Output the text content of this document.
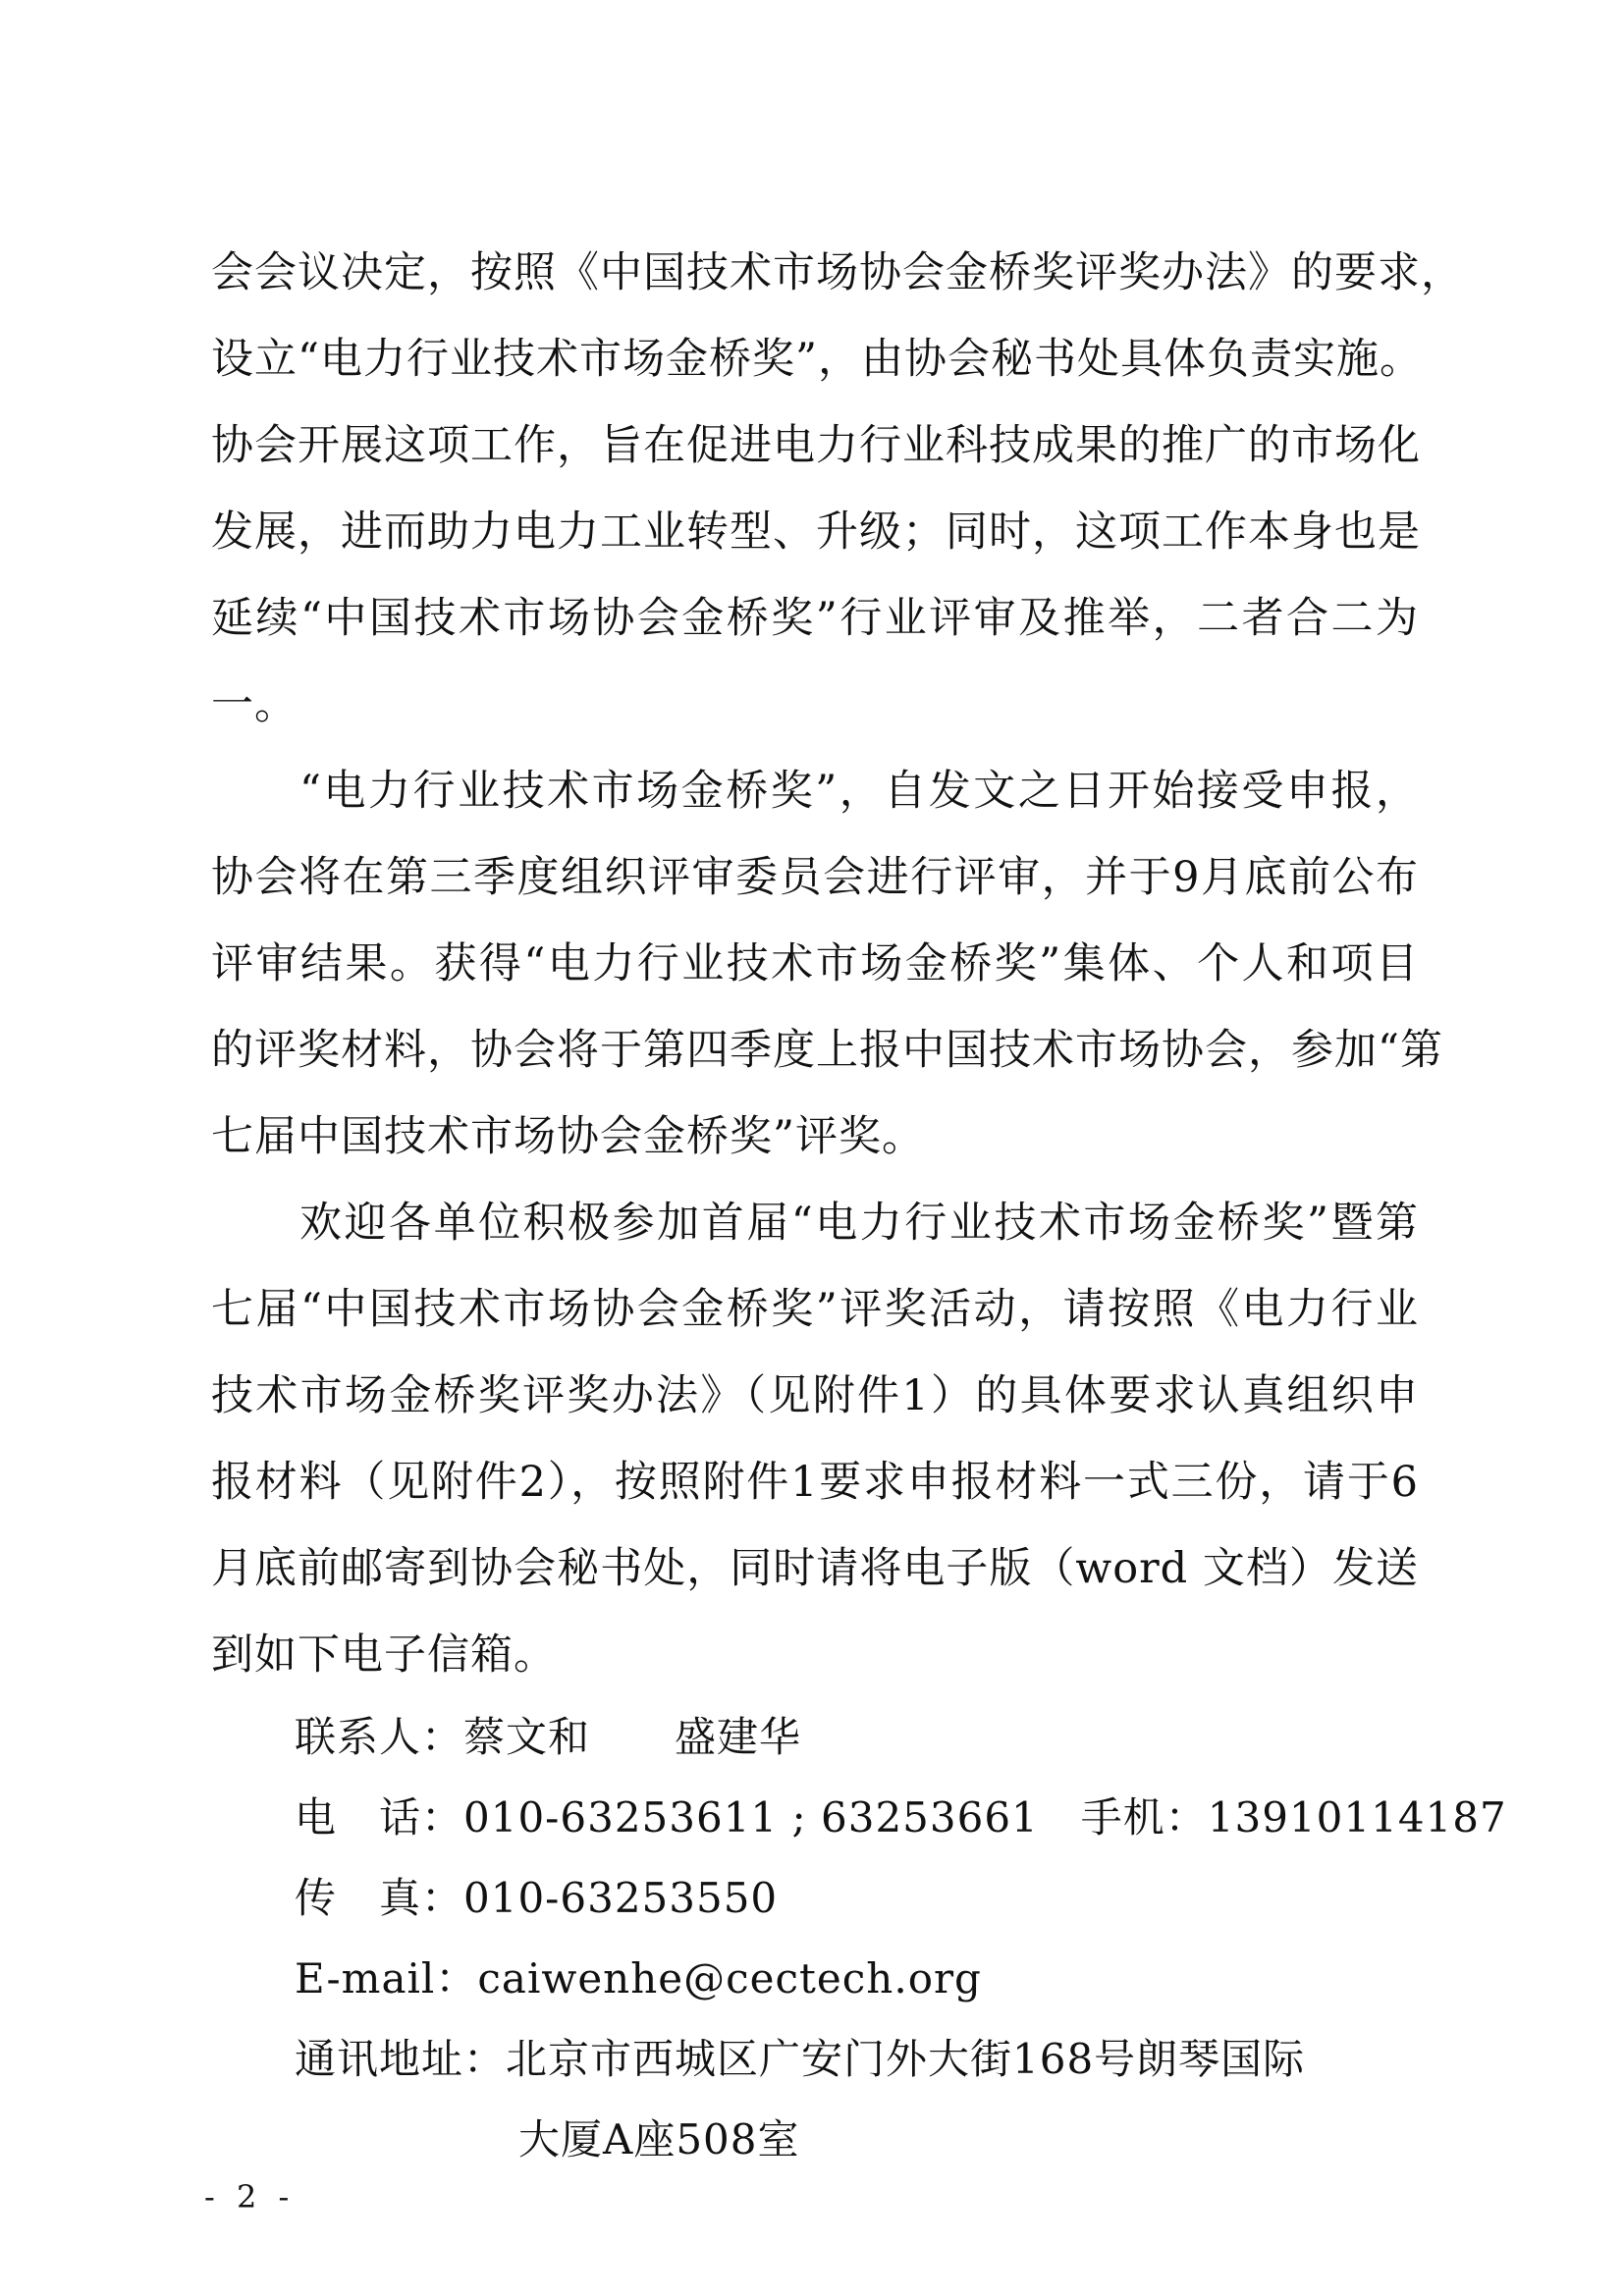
会会议决定，按照《中国技术市场协会金桥奖评奖办法》的要求，
设立“电力行业技术市场金桥奖”，由协会秘书处具体负责实施。
协会开展这项工作，旨在促进电力行业科技成果的推广的市场化
发展，进而助力电力工业转型、升级；同时，这项工作本身也是
延续“中国技术市场协会金桥奖”行业评审及推举，二者合二为
一。
“电力行业技术市场金桥奖”，自发文之日开始接受申报，
协会将在第三季度组织评审委员会进行评审，并于9月底前公布
评审结果。获得“电力行业技术市场金桥奖”集体、个人和项目
的评奖材料，协会将于第四季度上报中国技术市场协会，参加“第
七届中国技术市场协会金桥奖”评奖。
欢迎各单位积极参加首届“电力行业技术市场金桥奖”暨第
七届“中国技术市场协会金桥奖”评奖活动，请按照《电力行业
技术市场金桥奖评奖办法》（见附件1）的具体要求认真组织申
报材料（见附件2），按照附件1要求申报材料一式三份，请于6
月底前邮寄到协会秘书处，同时请将电子版（word 文档）发送
到如下电子信箱。
联系人：蔡文和　　盛建华
电　话：010-63253611 ; 63253661　手机：13910114187
传　真：010-63253550
E-mail：caiwenhe@cectech.org
通讯地址：北京市西城区广安门外大街168号朗琴国际
大厦A座508室
- 2 -
